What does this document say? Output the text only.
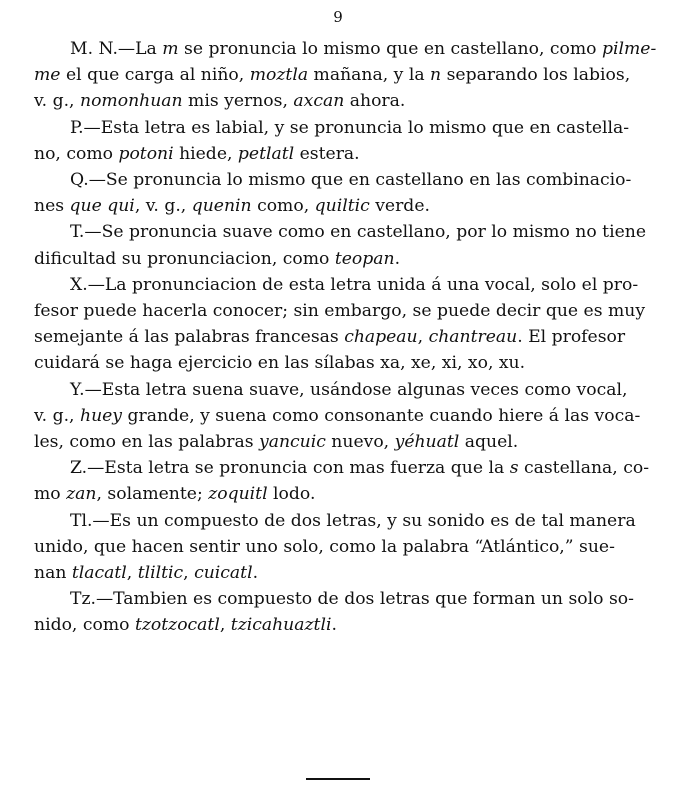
9
M. N.—La m se pronuncia lo mismo que en castellano, como pilme-
me el que carga al niño, moztla mañana, y la n separando los labios,
v. g., nomonhuan mis yernos, axcan ahora.
P.—Esta letra es labial, y se pronuncia lo mismo que en castella-
no, como potoni hiede, petlatl estera.
Q.—Se pronuncia lo mismo que en castellano en las combinacio-
nes que qui, v. g., quenin como, quiltic verde.
T.—Se pronuncia suave como en castellano, por lo mismo no tiene
dificultad su pronunciacion, como teopan.
X.—La pronunciacion de esta letra unida á una vocal, solo el pro-
fesor puede hacerla conocer; sin embargo, se puede decir que es muy
semejante á las palabras francesas chapeau, chantreau. El profesor
cuidará se haga ejercicio en las sílabas xa, xe, xi, xo, xu.
Y.—Esta letra suena suave, usándose algunas veces como vocal,
v. g., huey grande, y suena como consonante cuando hiere á las voca-
les, como en las palabras yancuic nuevo, yéhuatl aquel.
Z.—Esta letra se pronuncia con mas fuerza que la s castellana, co-
mo zan, solamente; zoquitl lodo.
Tl.—Es un compuesto de dos letras, y su sonido es de tal manera
unido, que hacen sentir uno solo, como la palabra “Atlántico,” sue-
nan tlacatl, tliltic, cuicatl.
Tz.—Tambien es compuesto de dos letras que forman un solo so-
nido, como tzotzocatl, tzicahuaztli.
